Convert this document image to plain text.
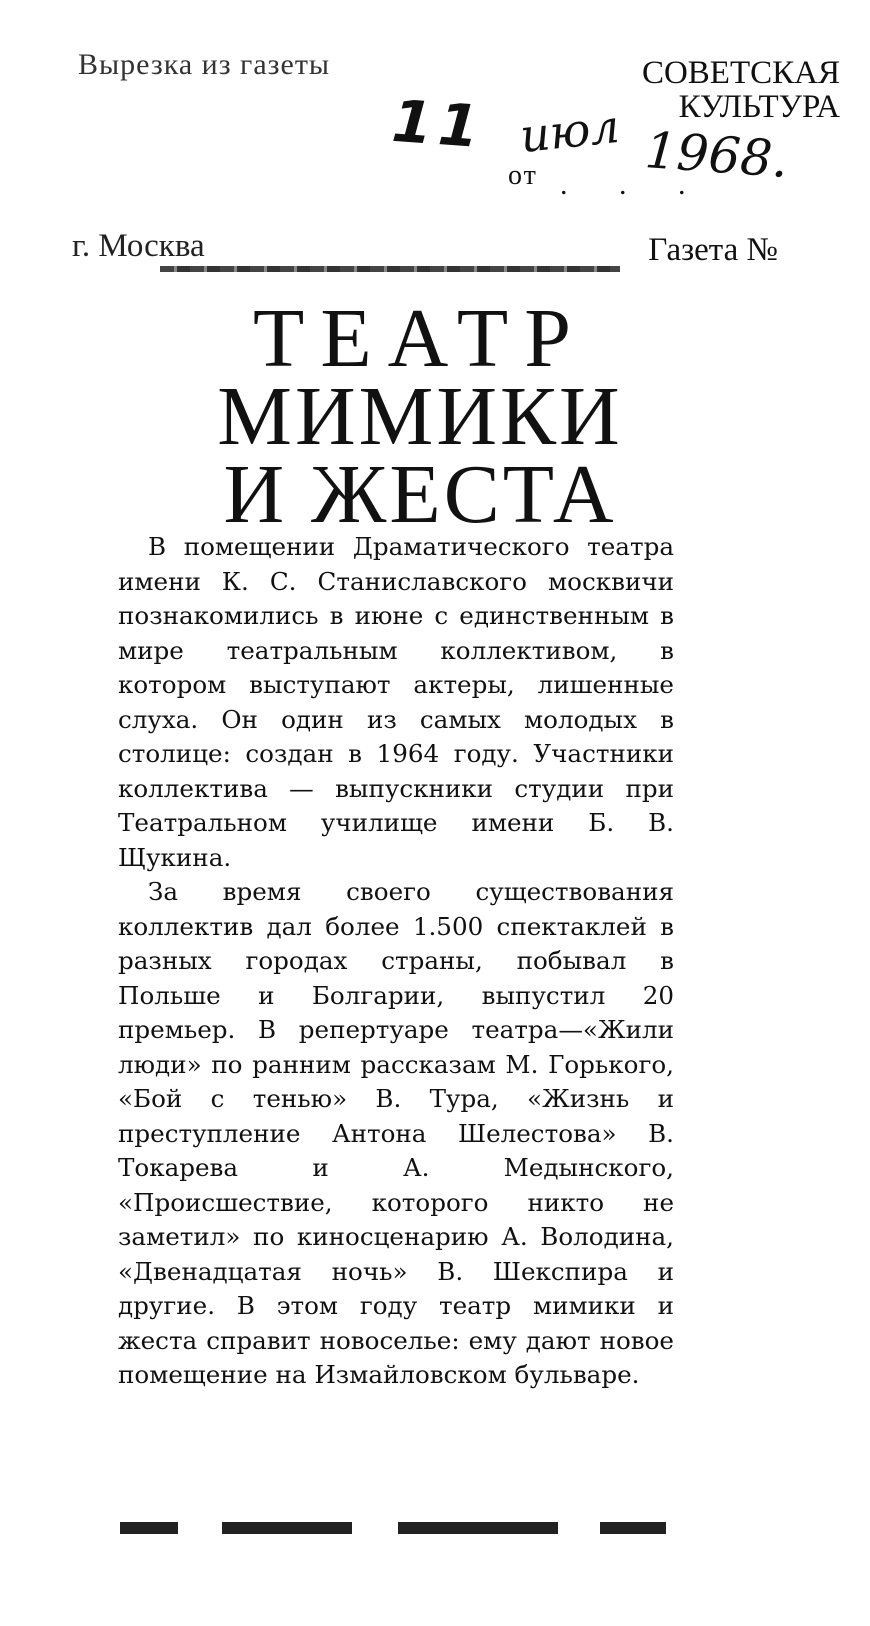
Вырезка из газеты	СОВЕТСКАЯ КУЛЬТУРА
11 июл 1968.
от . . .
г. Москва	Газета №
ТЕАТР
МИМИКИ
И ЖЕСТА

В помещении Драматического театра имени К. С. Станиславского москвичи познакомились в июне с единственным в мире театральным коллективом, в котором выступают актеры, лишенные слуха. Он один из самых молодых в столице: создан в 1964 году. Участники коллектива — выпускники студии при Театральном училище имени Б. В. Щукина.

За время своего существования коллектив дал более 1.500 спектаклей в разных городах страны, побывал в Польше и Болгарии, выпустил 20 премьер. В репертуаре театра—«Жили люди» по ранним рассказам М. Горького, «Бой с тенью» В. Тура, «Жизнь и преступление Антона Шелестова» В. Токарева и А. Медынского, «Происшествие, которого никто не заметил» по киносценарию А. Володина, «Двенадцатая ночь» В. Шекспира и другие. В этом году театр мимики и жеста справит новоселье: ему дают новое помещение на Измайловском бульваре.
